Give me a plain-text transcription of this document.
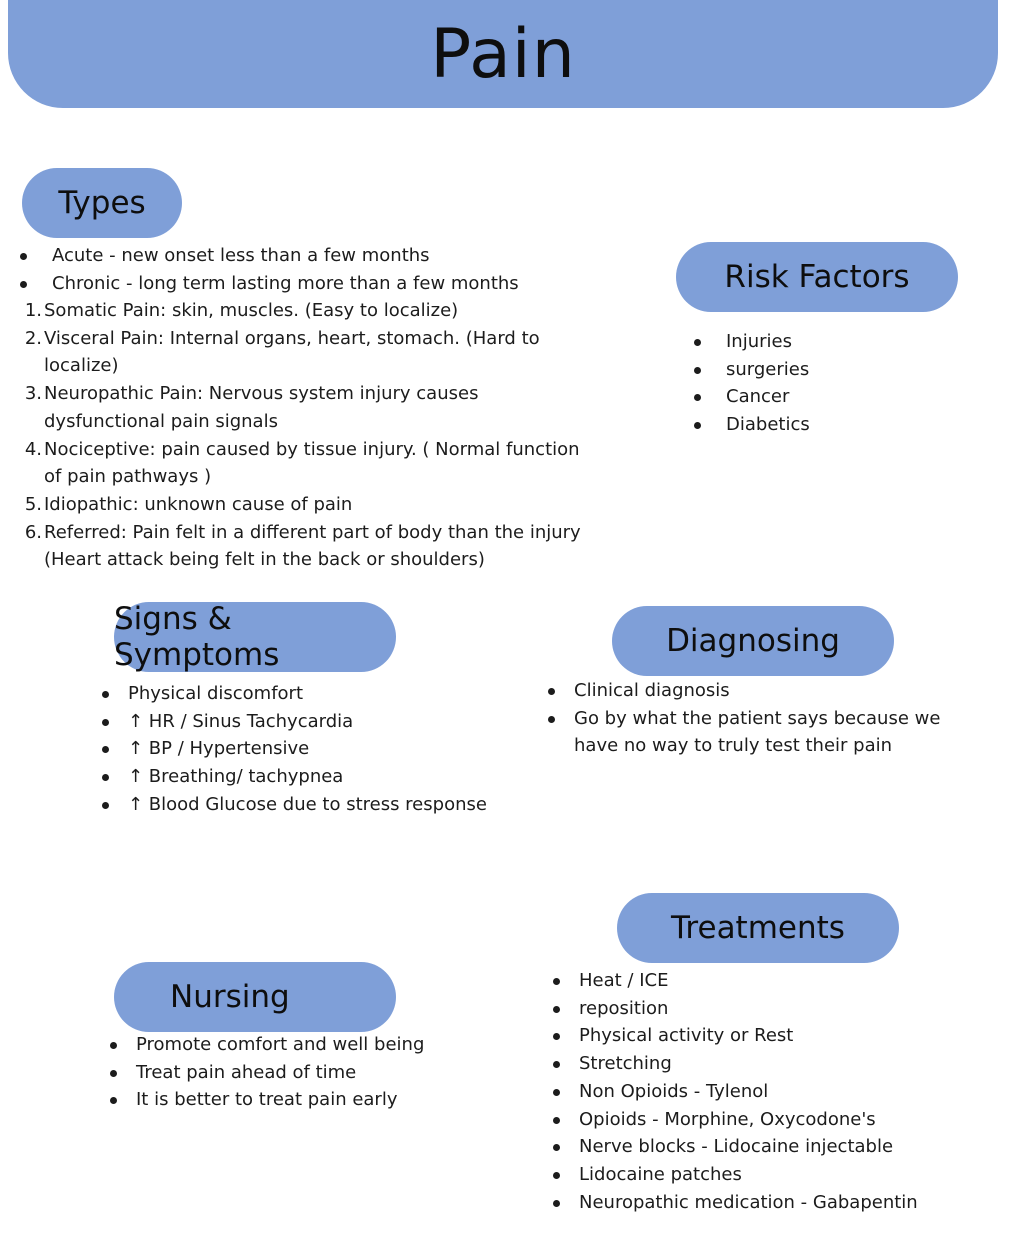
Pain
Types
Acute - new onset less than a few months
Chronic - long term lasting more than a few months
1. Somatic Pain: skin, muscles. (Easy to localize)
2. Visceral Pain: Internal organs, heart, stomach. (Hard to localize)
3. Neuropathic Pain: Nervous system injury causes dysfunctional pain signals
4. Nociceptive: pain caused by tissue injury. ( Normal function of pain pathways )
5. Idiopathic: unknown cause of pain
6. Referred: Pain felt in a different part of body than the injury (Heart attack being felt in the back or shoulders)
Risk Factors
Injuries
surgeries
Cancer
Diabetics
Signs & Symptoms
Physical discomfort
↑ HR / Sinus Tachycardia
↑ BP / Hypertensive
↑ Breathing/ tachypnea
↑ Blood Glucose due to stress response
Diagnosing
Clinical diagnosis
Go by what the patient says because we have no way to truly test their pain
Treatments
Heat / ICE
reposition
Physical activity or Rest
Stretching
Non Opioids - Tylenol
Opioids - Morphine, Oxycodone's
Nerve blocks - Lidocaine injectable
Lidocaine patches
Neuropathic medication - Gabapentin
Nursing
Promote comfort and well being
Treat pain ahead of time
It is better to treat pain early
